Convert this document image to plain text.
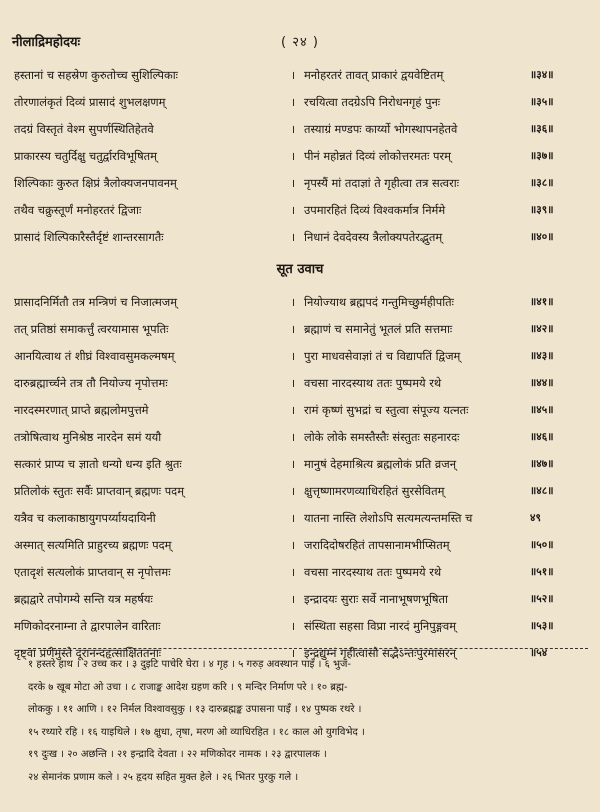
नीलाद्रिमहोदयः	( २४ )
हस्तानां च सहस्रेण कुरुतोच्च सुशिल्पिकाः	। मनोहरतरं तावत् प्राकारं द्वयवेष्टितम्	॥३४॥
तोरणालंकृतं दिव्यं प्रासादं शुभलक्षणम्	। रचयित्वा तदग्रेऽपि निरोधनगृहं पुनः	॥३५॥
तदग्रं विस्तृतं वेश्म सुपर्णस्थितिहेतवे	। तस्याग्रं मण्डपः कार्य्यो भोगस्थापनहेतवे	॥३६॥
प्राकारस्य चतुर्दिक्षु चतुर्द्वारविभूषितम्	। पीनं महोन्नतं दिव्यं लोकोत्तरमतः परम्	॥३७॥
शिल्पिकाः कुरुत क्षिप्रं त्रैलोक्यजनपावनम्	। नृपस्यैं मां तदाज्ञां ते गृहीत्वा तत्र सत्वराः	॥३८॥
तथैव चक्रुस्तूर्णं मनोहरतरं द्विजाः	। उपमारहितं दिव्यं विश्वकर्मात्र निर्ममे	॥३९॥
प्रासादं शिल्पिकारैस्तैर्दृष्टं शान्तरसागतैः	। निधानं देवदेवस्य त्रैलोक्यपतेरद्भुतम्	॥४०॥
सूत उवाच
प्रासादनिर्मितौ तत्र मन्त्रिणं च निजात्मजम्	। नियोज्याथ ब्रह्मपदं गन्तुमिच्छुर्महीपतिः	॥४१॥
तत् प्रतिष्ठां समाकर्त्तुं त्वरयामास भूपतिः	। ब्रह्माणं च समानेतुं भूतलं प्रति सत्तमाः	॥४२॥
आनयित्वाथ तं शीघ्रं विश्वावसुमकल्मषम्	। पुरा माधवसेवाज्ञां तं च विद्यापतिं द्विजम्	॥४३॥
दारुब्रह्मार्च्चने तत्र तौ नियोज्य नृपोत्तमः	। वचसा नारदस्याथ ततः पुष्पमये रथे	॥४४॥
नारदस्मरणात् प्राप्ते ब्रह्मलोमपुत्तमे	। रामं कृष्णं सुभद्रां च स्तुत्वा संपूज्य यत्नतः	॥४५॥
तत्रोषित्वाथ मुनिश्रेष्ठ नारदेन समं ययौ	। लोके लोके समस्तैस्तैः संस्तुतः सहनारदः	॥४६॥
सत्कारं प्राप्य च ज्ञातो धन्यो धन्य इति श्रुतः	। मानुषं देहमाश्रित्य ब्रह्मलोकं प्रति व्रजन्	॥४७॥
प्रतिलोकं स्तुतः सर्वैः प्राप्तवान् ब्रह्मणः पदम्	। क्षुत्तृष्णामरणव्याधिरहितं सुरसेवितम्	॥४८॥
यत्रैव च कलाकाष्ठायुगपर्य्यायदायिनी	। यातना नास्ति लेशोऽपि सत्यमत्यन्तमस्ति च	४९
अस्मात् सत्यमिति प्राहुरच्य ब्रह्मणः पदम्	। जरादिदोषरहितं तापसानामभीप्सितम्	॥५०॥
एतादृशं सत्यलोकं प्राप्तवान् स नृपोत्तमः	। वचसा नारदस्याथ ततः पुष्पमये रथे	॥५१॥
ब्रह्मद्वारे तपोगम्ये सन्ति यत्र महर्षयः	। इन्द्रादयः सुराः सर्वे नानाभूषणभूषिता	॥५२॥
मणिकोदरनाम्ना ते द्वारपालेन वारिताः	। संस्थिता सहसा विप्रा नारदं मुनिपुङ्गवम्	॥५३॥
दृष्ट्वा प्रणेमुस्ते दूरानन्दहृत्साक्षिततनाः	। इन्द्रद्युम्नं गृहीत्वासौ सद्भेऽन्तःपुरमासरन्	॥५४
१ हस्तरे हाथ । २ उच्च कर । ३ दुइटि पाचेरि घेरा । ४ गृह । ५ गरुड़ अवस्थान पाइँ । ६ भुजं-
दरके ७ खूब मोटा ओ उचा । ८ राजाङ्क आदेश ग्रहण करि । ९ मन्दिर निर्माण परे । १० ब्रह्म-
लोककु । ११ आणि । १२ निर्मल विश्वावसुकु । १३ दारुब्रह्मङ्क उपासना पाइँ । १४ पुष्पक रथरे ।
१५ रथ्यारे रहि । १६ याइथिले । १७ क्षुधा, तृषा, मरण ओ व्याधिरहित । १८ काल ओ युगविभेद ।
१९ दुःख । २० अछन्ति । २१ इन्द्रादि देवता । २२ मणिकोदर नामक । २३ द्वारपालक ।
२४ सेमानंक प्रणाम कले । २५ हृदय सहित मुक्त हेले । २६ भितर पुरकु गले ।
